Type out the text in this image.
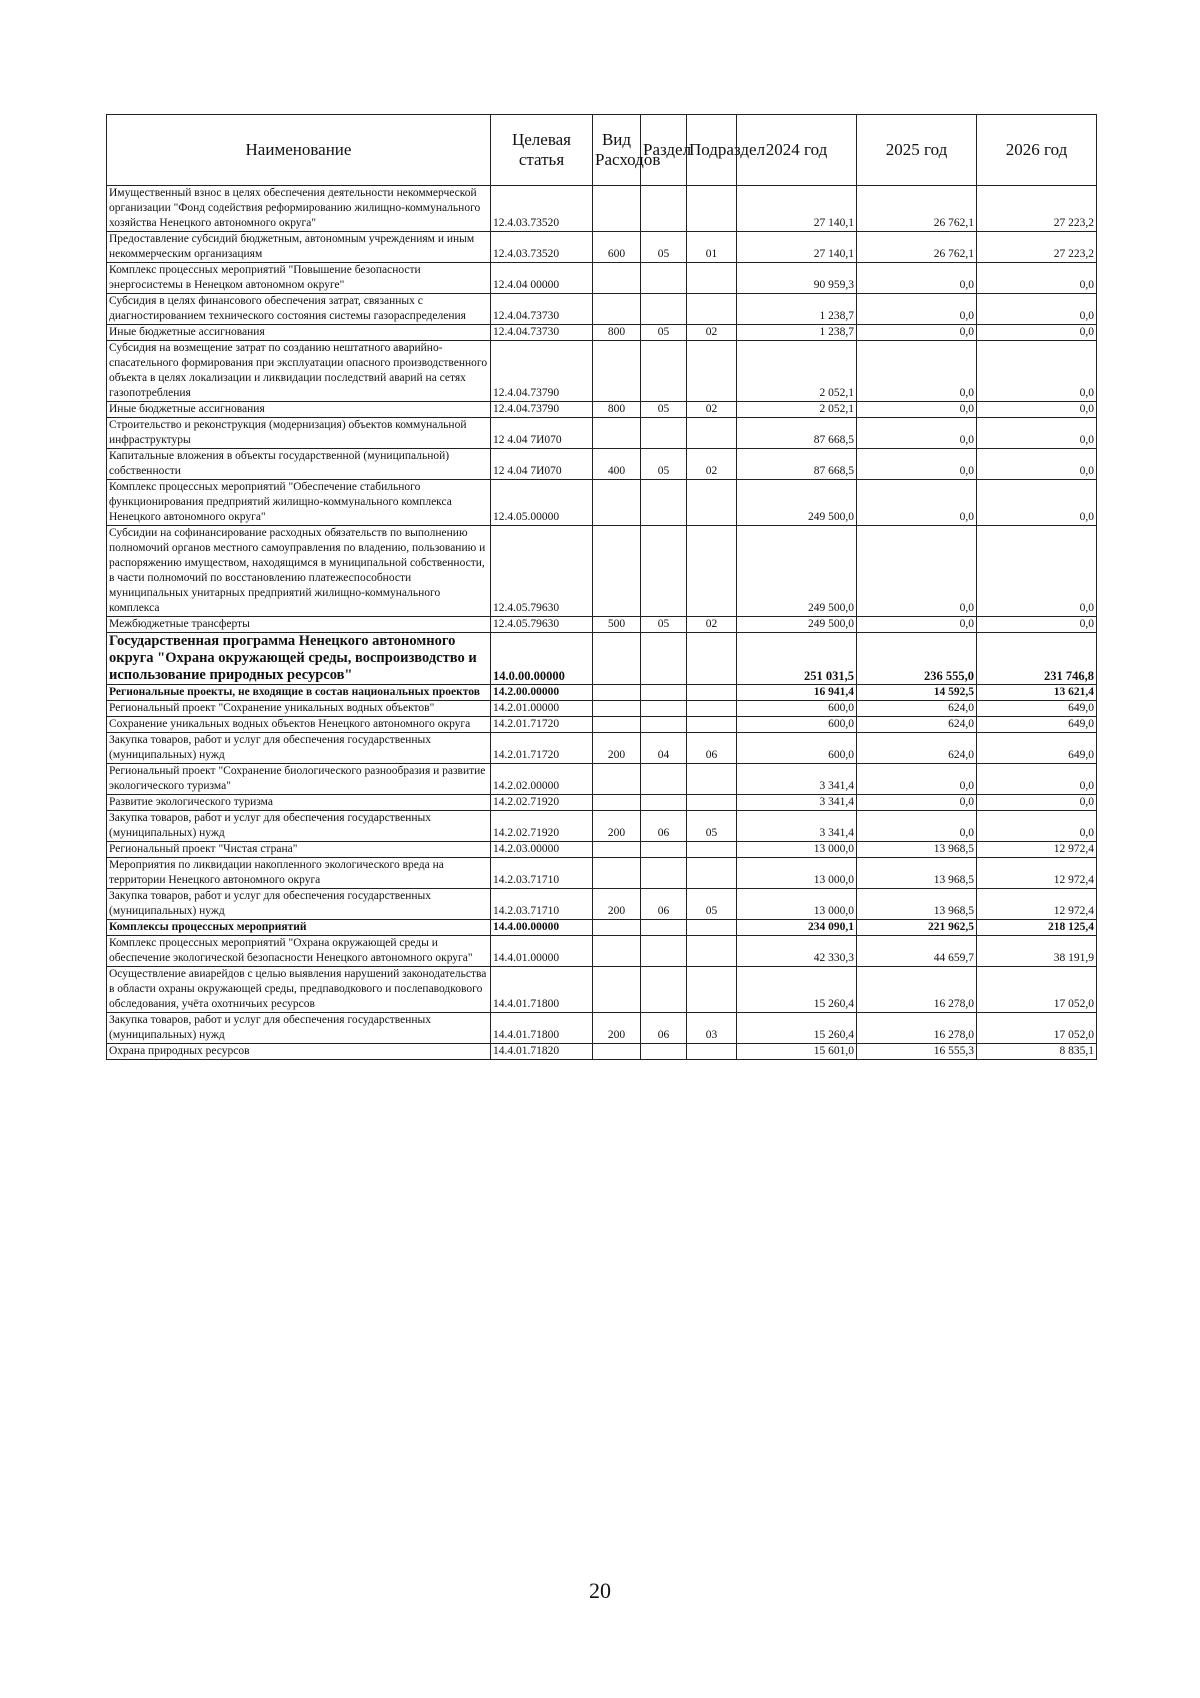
Наименование	Целевая статья	Вид Расходов	Раздел	Подраздел	2024 год	2025 год	2026 год
Имущественный взнос в целях обеспечения деятельности некоммерческой организации "Фонд содействия реформированию жилищно-коммунального хозяйства Ненецкого автономного округа"	12.4.03.73520				27 140,1	26 762,1	27 223,2
Предоставление субсидий бюджетным, автономным учреждениям и иным некоммерческим организациям	12.4.03.73520	600	05	01	27 140,1	26 762,1	27 223,2
Комплекс процессных мероприятий "Повышение безопасности энергосистемы в Ненецком автономном округе"	12.4.04 00000				90 959,3	0,0	0,0
Субсидия в целях финансового обеспечения затрат, связанных с диагностированием технического состояния системы газораспределения	12.4.04.73730				1 238,7	0,0	0,0
Иные бюджетные ассигнования	12.4.04.73730	800	05	02	1 238,7	0,0	0,0
Субсидия на возмещение затрат по созданию нештатного аварийно-спасательного формирования при эксплуатации опасного производственного объекта в целях локализации и ликвидации последствий аварий на сетях газопотребления	12.4.04.73790				2 052,1	0,0	0,0
Иные бюджетные ассигнования	12.4.04.73790	800	05	02	2 052,1	0,0	0,0
Строительство и реконструкция (модернизация) объектов коммунальной инфраструктуры	12 4.04 7И070				87 668,5	0,0	0,0
Капитальные вложения в объекты государственной (муниципальной) собственности	12 4.04 7И070	400	05	02	87 668,5	0,0	0,0
Комплекс процессных мероприятий "Обеспечение стабильного функционирования предприятий жилищно-коммунального комплекса Ненецкого автономного округа"	12.4.05.00000				249 500,0	0,0	0,0
Субсидии на софинансирование расходных обязательств по выполнению полномочий органов местного самоуправления по владению, пользованию и распоряжению имуществом, находящимся в муниципальной собственности, в части полномочий по восстановлению платежеспособности муниципальных унитарных предприятий жилищно-коммунального комплекса	12.4.05.79630				249 500,0	0,0	0,0
Межбюджетные трансферты	12.4.05.79630	500	05	02	249 500,0	0,0	0,0
Государственная программа Ненецкого автономного округа "Охрана окружающей среды, воспроизводство и использование природных ресурсов"	14.0.00.00000				251 031,5	236 555,0	231 746,8
Региональные проекты, не входящие в состав национальных проектов	14.2.00.00000				16 941,4	14 592,5	13 621,4
Региональный проект "Сохранение уникальных водных объектов"	14.2.01.00000				600,0	624,0	649,0
Сохранение уникальных водных объектов Ненецкого автономного округа	14.2.01.71720				600,0	624,0	649,0
Закупка товаров, работ и услуг для обеспечения государственных (муниципальных) нужд	14.2.01.71720	200	04	06	600,0	624,0	649,0
Региональный проект "Сохранение биологического разнообразия и развитие экологического туризма"	14.2.02.00000				3 341,4	0,0	0,0
Развитие экологического туризма	14.2.02.71920				3 341,4	0,0	0,0
Закупка товаров, работ и услуг для обеспечения государственных (муниципальных) нужд	14.2.02.71920	200	06	05	3 341,4	0,0	0,0
Региональный проект "Чистая страна"	14.2.03.00000				13 000,0	13 968,5	12 972,4
Мероприятия по ликвидации накопленного экологического вреда на территории Ненецкого автономного округа	14.2.03.71710				13 000,0	13 968,5	12 972,4
Закупка товаров, работ и услуг для обеспечения государственных (муниципальных) нужд	14.2.03.71710	200	06	05	13 000,0	13 968,5	12 972,4
Комплексы процессных мероприятий	14.4.00.00000				234 090,1	221 962,5	218 125,4
Комплекс процессных мероприятий "Охрана окружающей среды и обеспечение экологической безопасности Ненецкого автономного округа"	14.4.01.00000				42 330,3	44 659,7	38 191,9
Осуществление авиарейдов с целью выявления нарушений законодательства в области охраны окружающей среды, предпаводкового и послепаводкового обследования, учёта охотничьих ресурсов	14.4.01.71800				15 260,4	16 278,0	17 052,0
Закупка товаров, работ и услуг для обеспечения государственных (муниципальных) нужд	14.4.01.71800	200	06	03	15 260,4	16 278,0	17 052,0
Охрана природных ресурсов	14.4.01.71820				15 601,0	16 555,3	8 835,1
20
